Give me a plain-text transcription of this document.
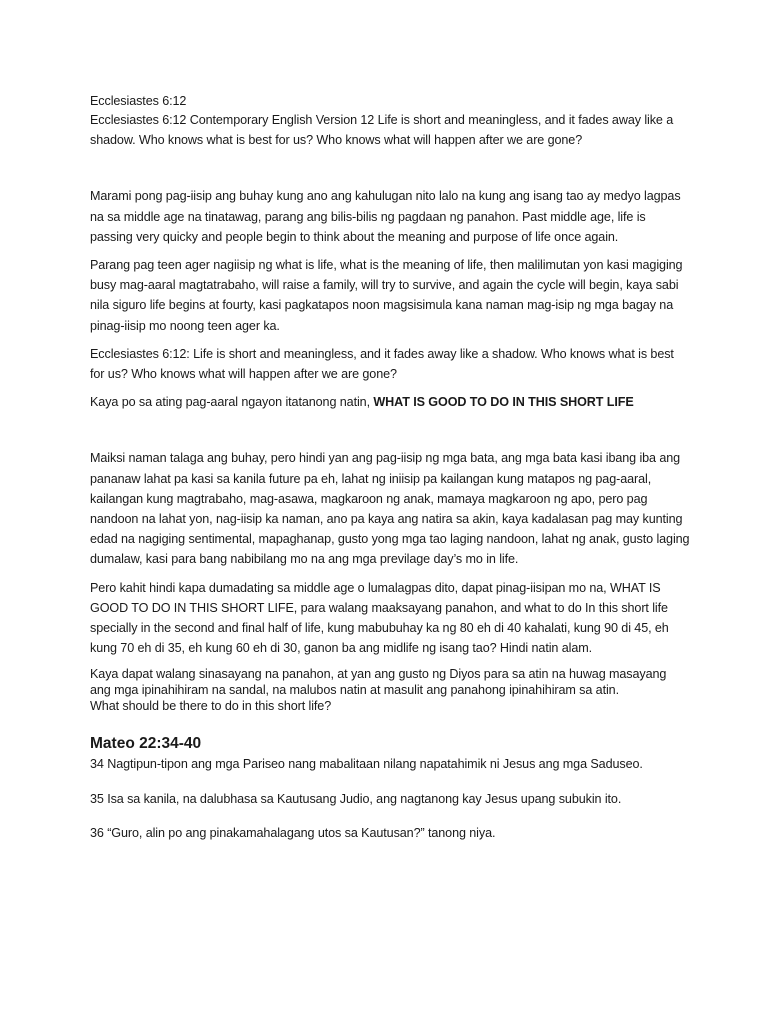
Ecclesiastes 6:12

Ecclesiastes 6:12 Contemporary English Version 12 Life is short and meaningless, and it fades away like a shadow. Who knows what is best for us? Who knows what will happen after we are gone?

Marami pong pag-iisip ang buhay kung ano ang kahulugan nito lalo na kung ang isang tao ay medyo lagpas na sa middle age na tinatawag, parang ang bilis-bilis ng pagdaan ng panahon. Past middle age, life is passing very quicky and people begin to think about the meaning and purpose of life once again.

Parang pag teen ager nagiisip ng what is life, what is the meaning of life, then malilimutan yon kasi magiging busy mag-aaral magtatrabaho, will raise a family, will try to survive, and again the cycle will begin, kaya sabi nila siguro life begins at fourty, kasi pagkatapos noon magsisimula kana naman mag-isip ng mga bagay na pinag-iisip mo noong teen ager ka.

Ecclesiastes 6:12: Life is short and meaningless, and it fades away like a shadow. Who knows what is best for us? Who knows what will happen after we are gone?

Kaya po sa ating pag-aaral ngayon itatanong natin, WHAT IS GOOD TO DO IN THIS SHORT LIFE

Maiksi naman talaga ang buhay, pero hindi yan ang pag-iisip ng mga bata, ang mga bata kasi ibang iba ang pananaw lahat pa kasi sa kanila future pa eh, lahat ng iniisip pa kailangan kung matapos ng pag-aaral, kailangan kung magtrabaho, mag-asawa, magkaroon ng anak, mamaya magkaroon ng apo, pero pag nandoon na lahat yon, nag-iisip ka naman, ano pa kaya ang natira sa akin, kaya kadalasan pag may kunting edad na nagiging sentimental, mapaghanap, gusto yong mga tao laging nandoon, lahat ng anak, gusto laging dumalaw, kasi para bang nabibilang mo na ang mga previlage day’s mo in life.

Pero kahit hindi kapa dumadating sa middle age o lumalagpas dito, dapat pinag-iisipan mo na, WHAT IS GOOD TO DO IN THIS SHORT LIFE, para walang maaksayang panahon, and what to do In this short life specially in the second and final half of life, kung mabubuhay ka ng 80 eh di 40 kahalati, kung 90 di 45, eh kung 70 eh di 35, eh kung 60 eh di 30, ganon ba ang midlife ng isang tao? Hindi natin alam.

Kaya dapat walang sinasayang na panahon, at yan ang gusto ng Diyos para sa atin na huwag masayang ang mga ipinahihiram na sandal, na malubos natin at masulit ang panahong ipinahihiram sa atin.
What should be there to do in this short life?

Mateo 22:34-40

34 Nagtipun-tipon ang mga Pariseo nang mabalitaan nilang napatahimik ni Jesus ang mga Saduseo.

35 Isa sa kanila, na dalubhasa sa Kautusang Judio, ang nagtanong kay Jesus upang subukin ito.

36 “Guro, alin po ang pinakamahalagang utos sa Kautusan?” tanong niya.
